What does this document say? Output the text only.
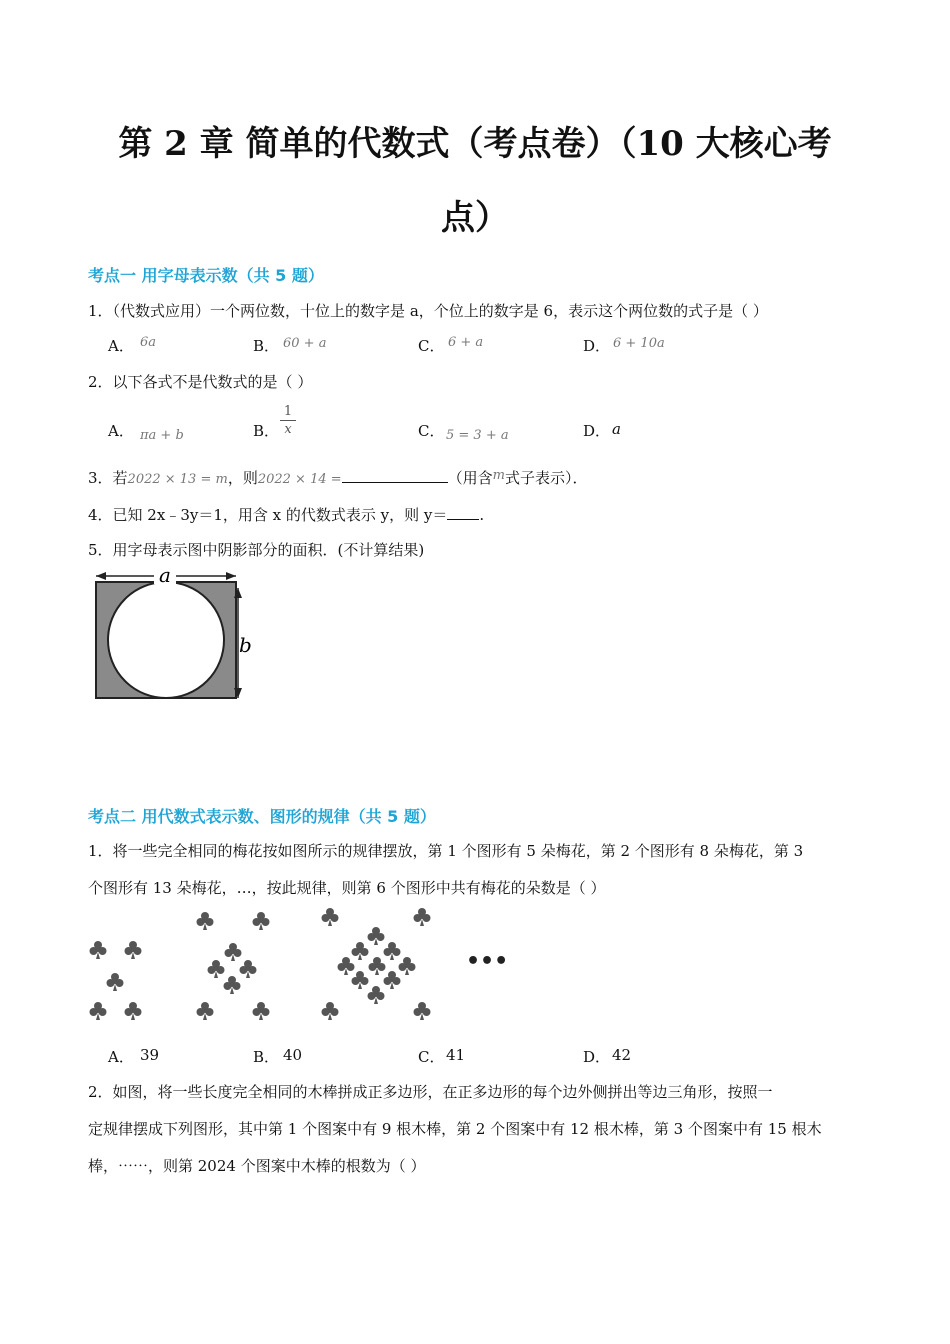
第 2 章 简单的代数式（考点卷）（10 大核心考
点）
考点一 用字母表示数（共 5 题）
1．（代数式应用）一个两位数，十位上的数字是 a，个位上的数字是 6，表示这个两位数的式子是（ ）
A． 6a	B． 60 + a	C． 6 + a	D． 6 + 10a
2．以下各式不是代数式的是（ ）
A． πa + b	B．
1
x	C． 5 = 3 + a	D． a
3．若2022 × 13 = m，则2022 × 14 =	（用含m式子表示）．
4．已知 2x﹣3y＝1，用含 x 的代数式表示 y，则 y＝ .
5．用字母表示图中阴影部分的面积．(不计算结果)
a
b
考点二 用代数式表示数、图形的规律（共 5 题）
1．将一些完全相同的梅花按如图所示的规律摆放，第 1 个图形有 5 朵梅花，第 2 个图形有 8 朵梅花，第 3
个图形有 13 朵梅花，…，按此规律，则第 6 个图形中共有梅花的朵数是（ ）
•••
A． 39	B． 40	C． 41	D． 42
2．如图，将一些长度完全相同的木棒拼成正多边形，在正多边形的每个边外侧拼出等边三角形，按照一
定规律摆成下列图形，其中第 1 个图案中有 9 根木棒，第 2 个图案中有 12 根木棒，第 3 个图案中有 15 根木
棒，⋯⋯，则第 2024 个图案中木棒的根数为（ ）
